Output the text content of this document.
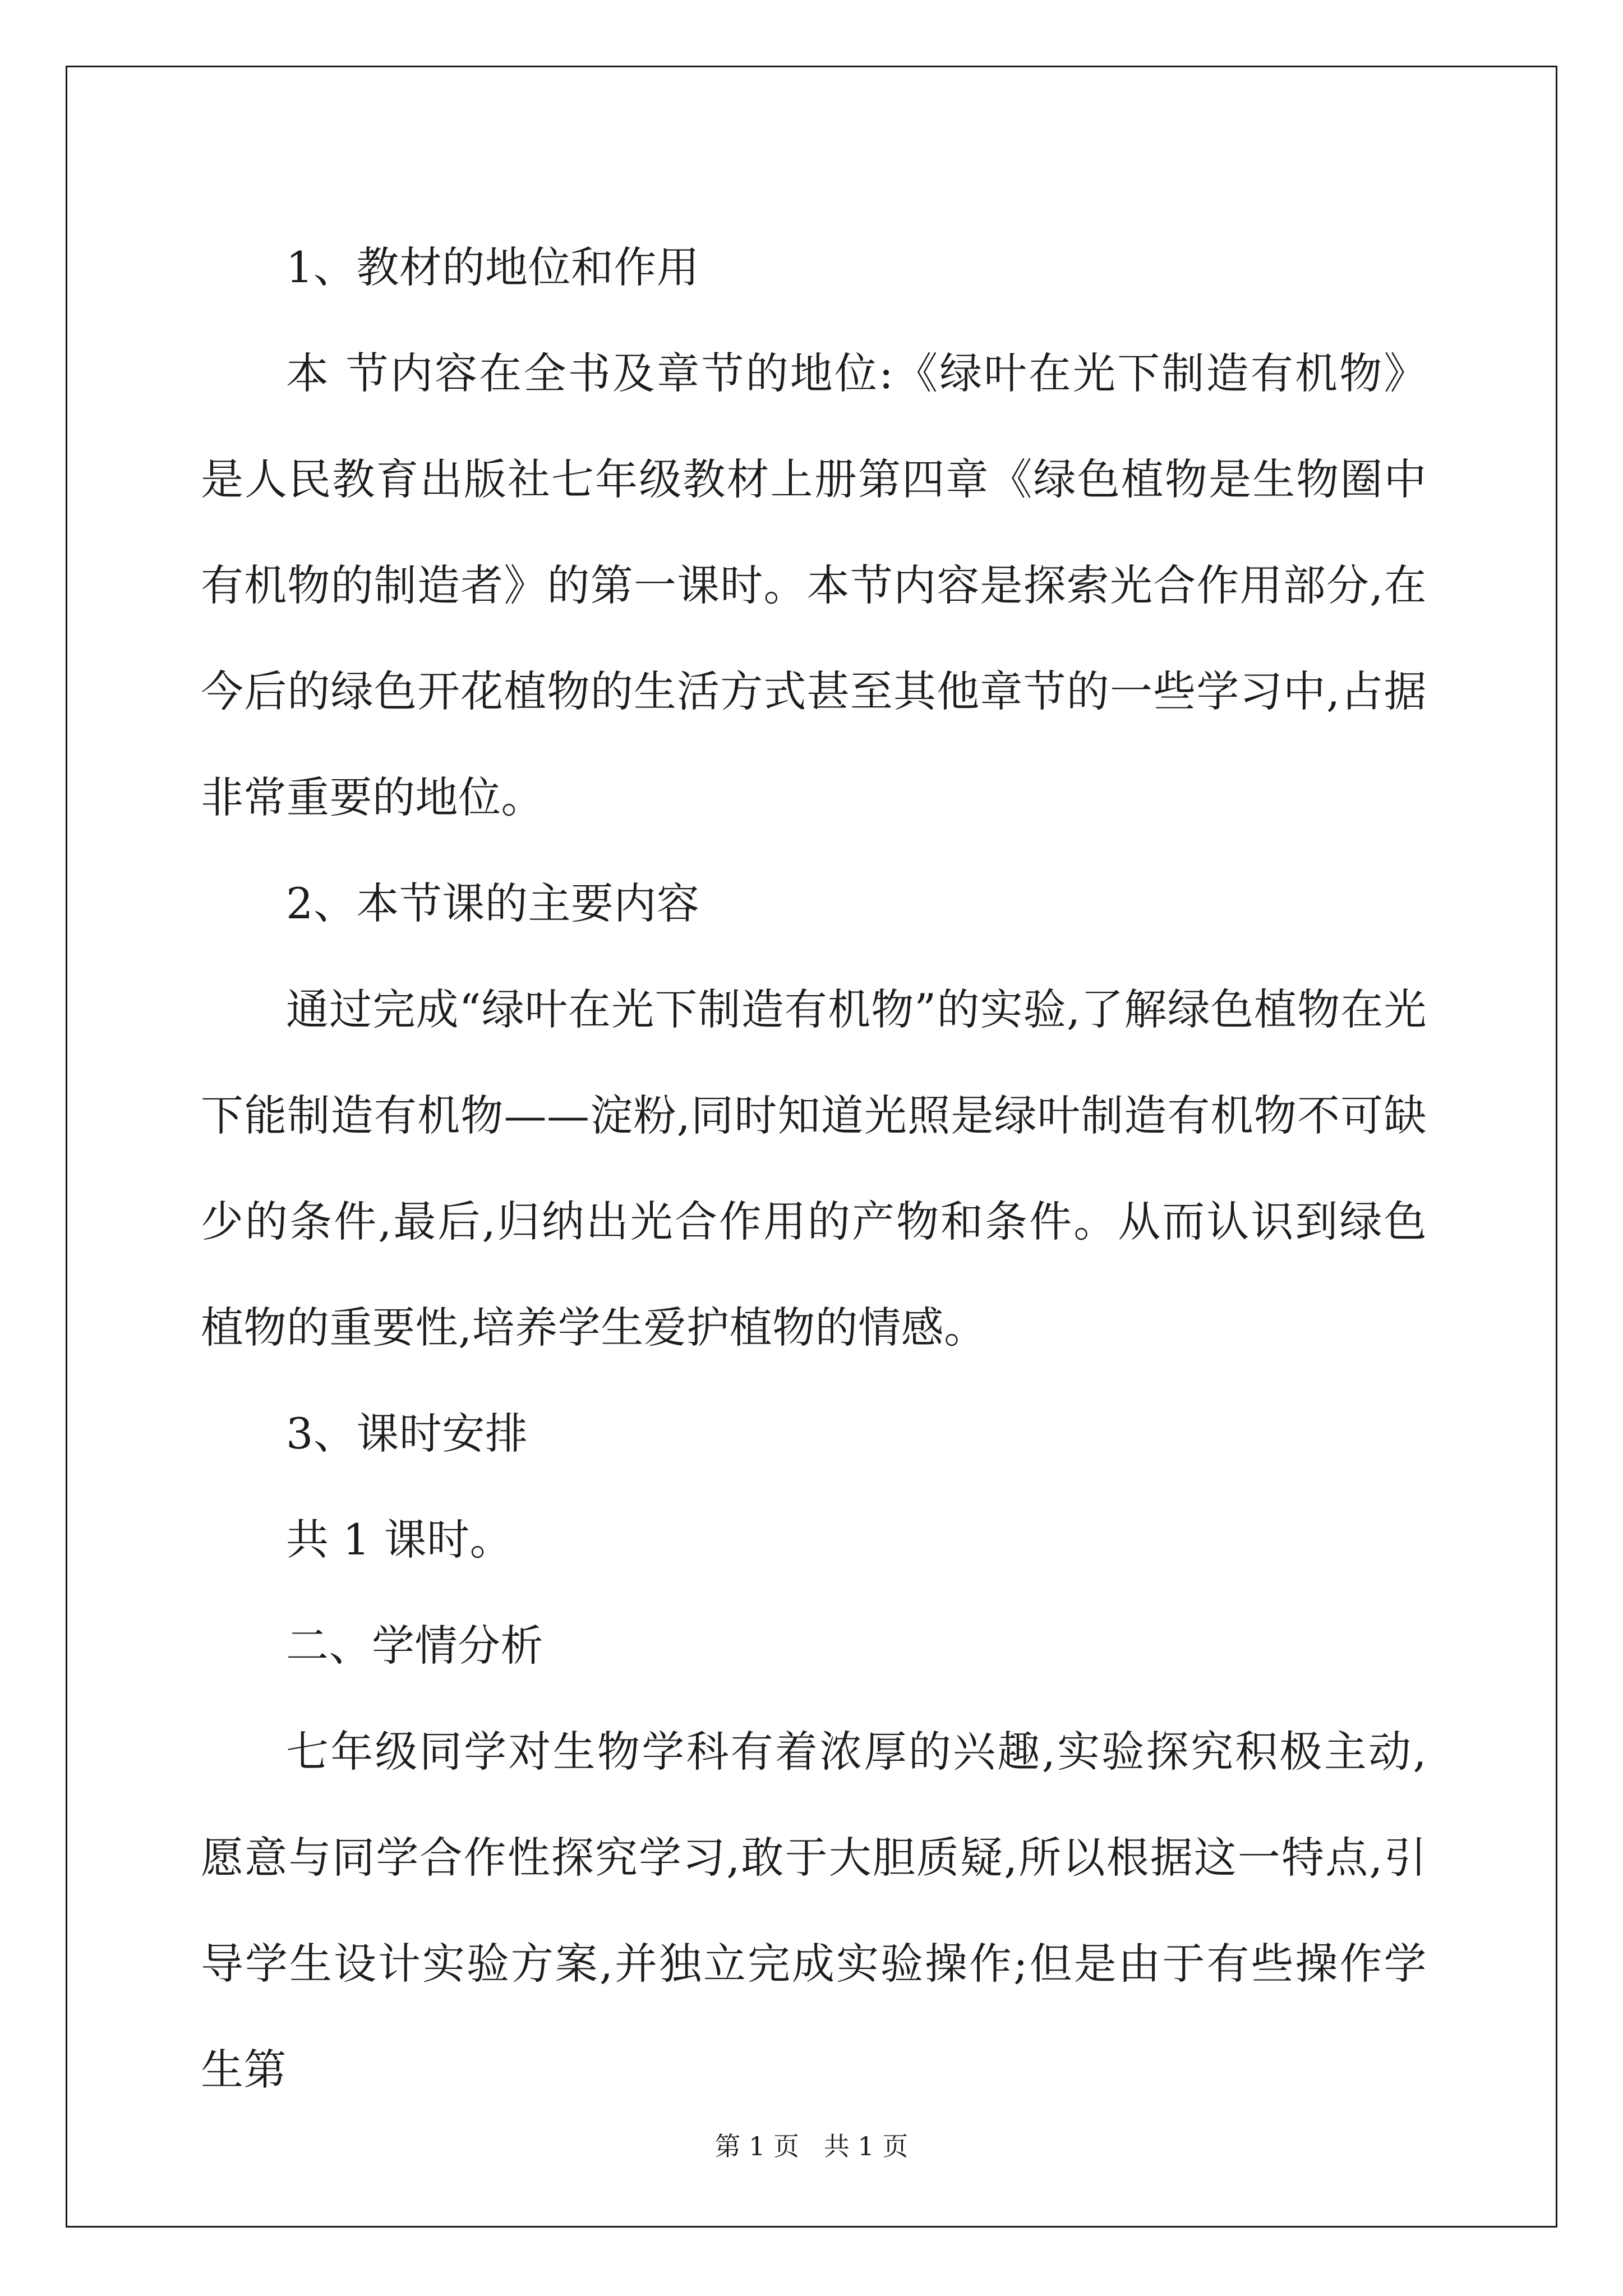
1、教材的地位和作用

本 节内容在全书及章节的地位:《绿叶在光下制造有机物》是人民教育出版社七年级教材上册第四章《绿色植物是生物圈中有机物的制造者》的第一课时。本节内容是探索光合作用部分,在今后的绿色开花植物的生活方式甚至其他章节的一些学习中,占据非常重要的地位。

2、本节课的主要内容

通过完成“绿叶在光下制造有机物”的实验,了解绿色植物在光下能制造有机物——淀粉,同时知道光照是绿叶制造有机物不可缺少的条件,最后,归纳出光合作用的产物和条件。从而认识到绿色植物的重要性,培养学生爱护植物的情感。

3、课时安排

共 1 课时。

二、学情分析

七年级同学对生物学科有着浓厚的兴趣,实验探究积极主动,愿意与同学合作性探究学习,敢于大胆质疑,所以根据这一特点,引导学生设计实验方案,并独立完成实验操作;但是由于有些操作学生第

第 1 页   共 1 页
